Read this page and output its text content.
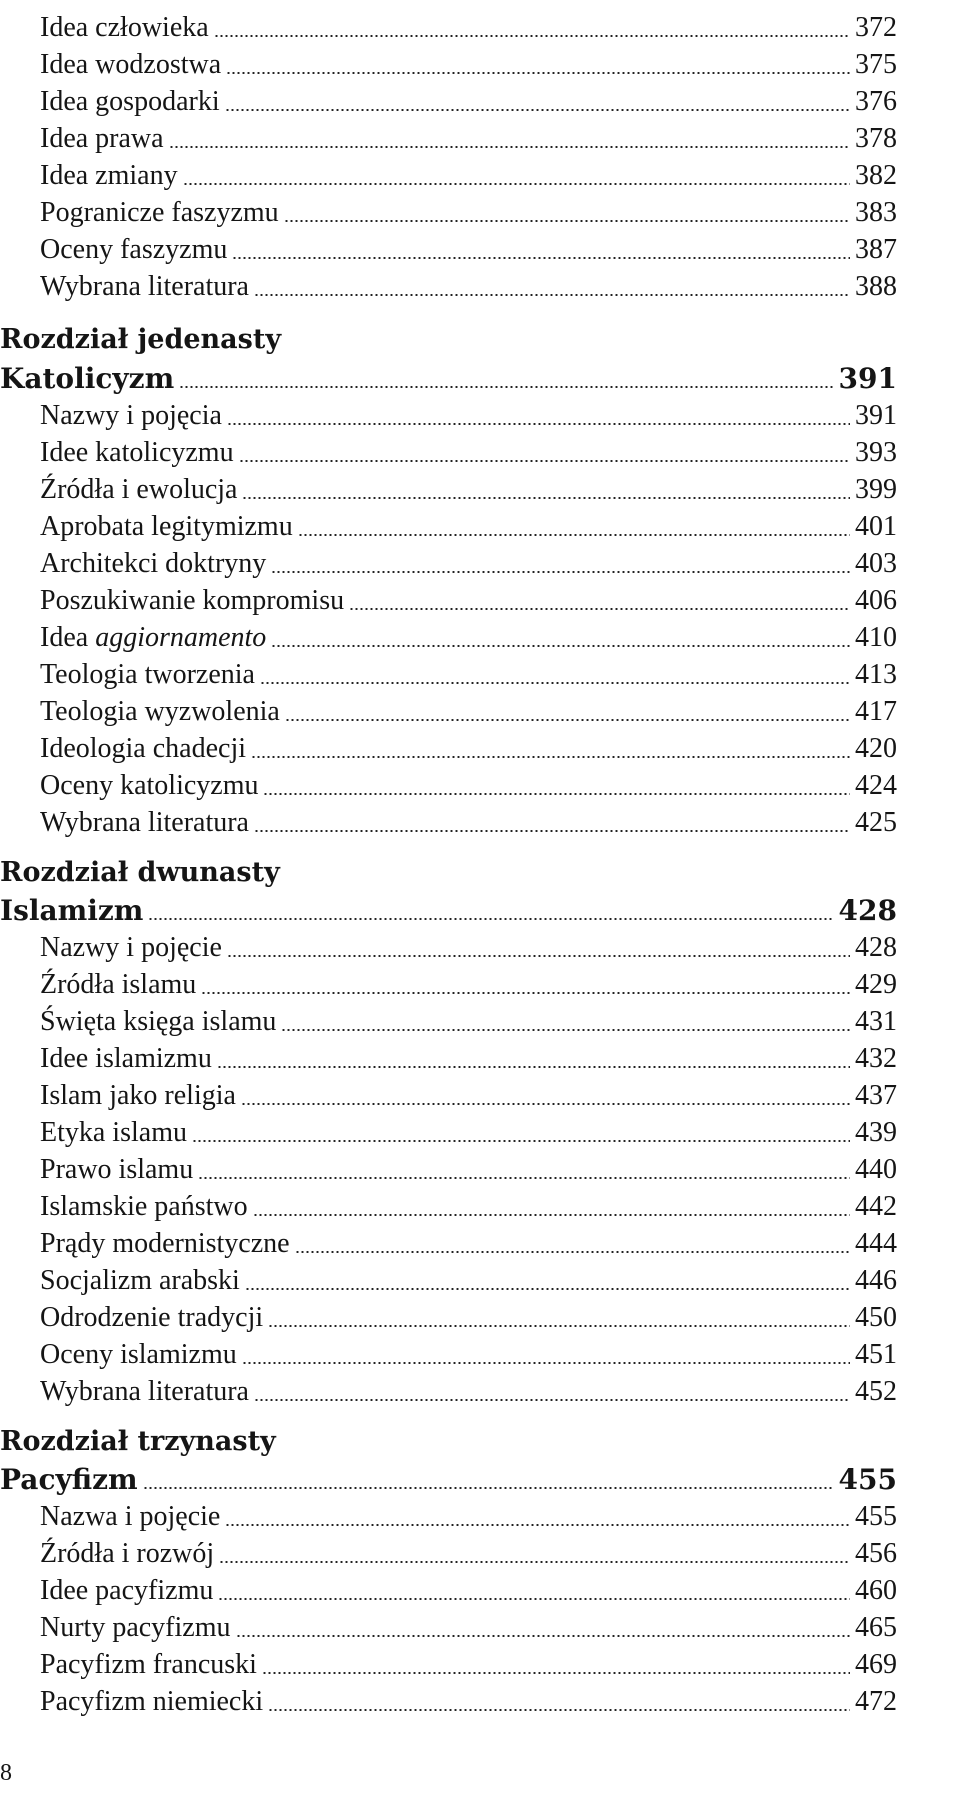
Idea człowieka	372
Idea wodzostwa	375
Idea gospodarki	376
Idea prawa	378
Idea zmiany	382
Pogranicze faszyzmu	383
Oceny faszyzmu	387
Wybrana literatura	388
Rozdział jedenasty
Katolicyzm	391
Nazwy i pojęcia	391
Idee katolicyzmu	393
Źródła i ewolucja	399
Aprobata legitymizmu	401
Architekci doktryny	403
Poszukiwanie kompromisu	406
Idea aggiornamento	410
Teologia tworzenia	413
Teologia wyzwolenia	417
Ideologia chadecji	420
Oceny katolicyzmu	424
Wybrana literatura	425
Rozdział dwunasty
Islamizm	428
Nazwy i pojęcie	428
Źródła islamu	429
Święta księga islamu	431
Idee islamizmu	432
Islam jako religia	437
Etyka islamu	439
Prawo islamu	440
Islamskie państwo	442
Prądy modernistyczne	444
Socjalizm arabski	446
Odrodzenie tradycji	450
Oceny islamizmu	451
Wybrana literatura	452
Rozdział trzynasty
Pacyfizm	455
Nazwa i pojęcie	455
Źródła i rozwój	456
Idee pacyfizmu	460
Nurty pacyfizmu	465
Pacyfizm francuski	469
Pacyfizm niemiecki	472
8
